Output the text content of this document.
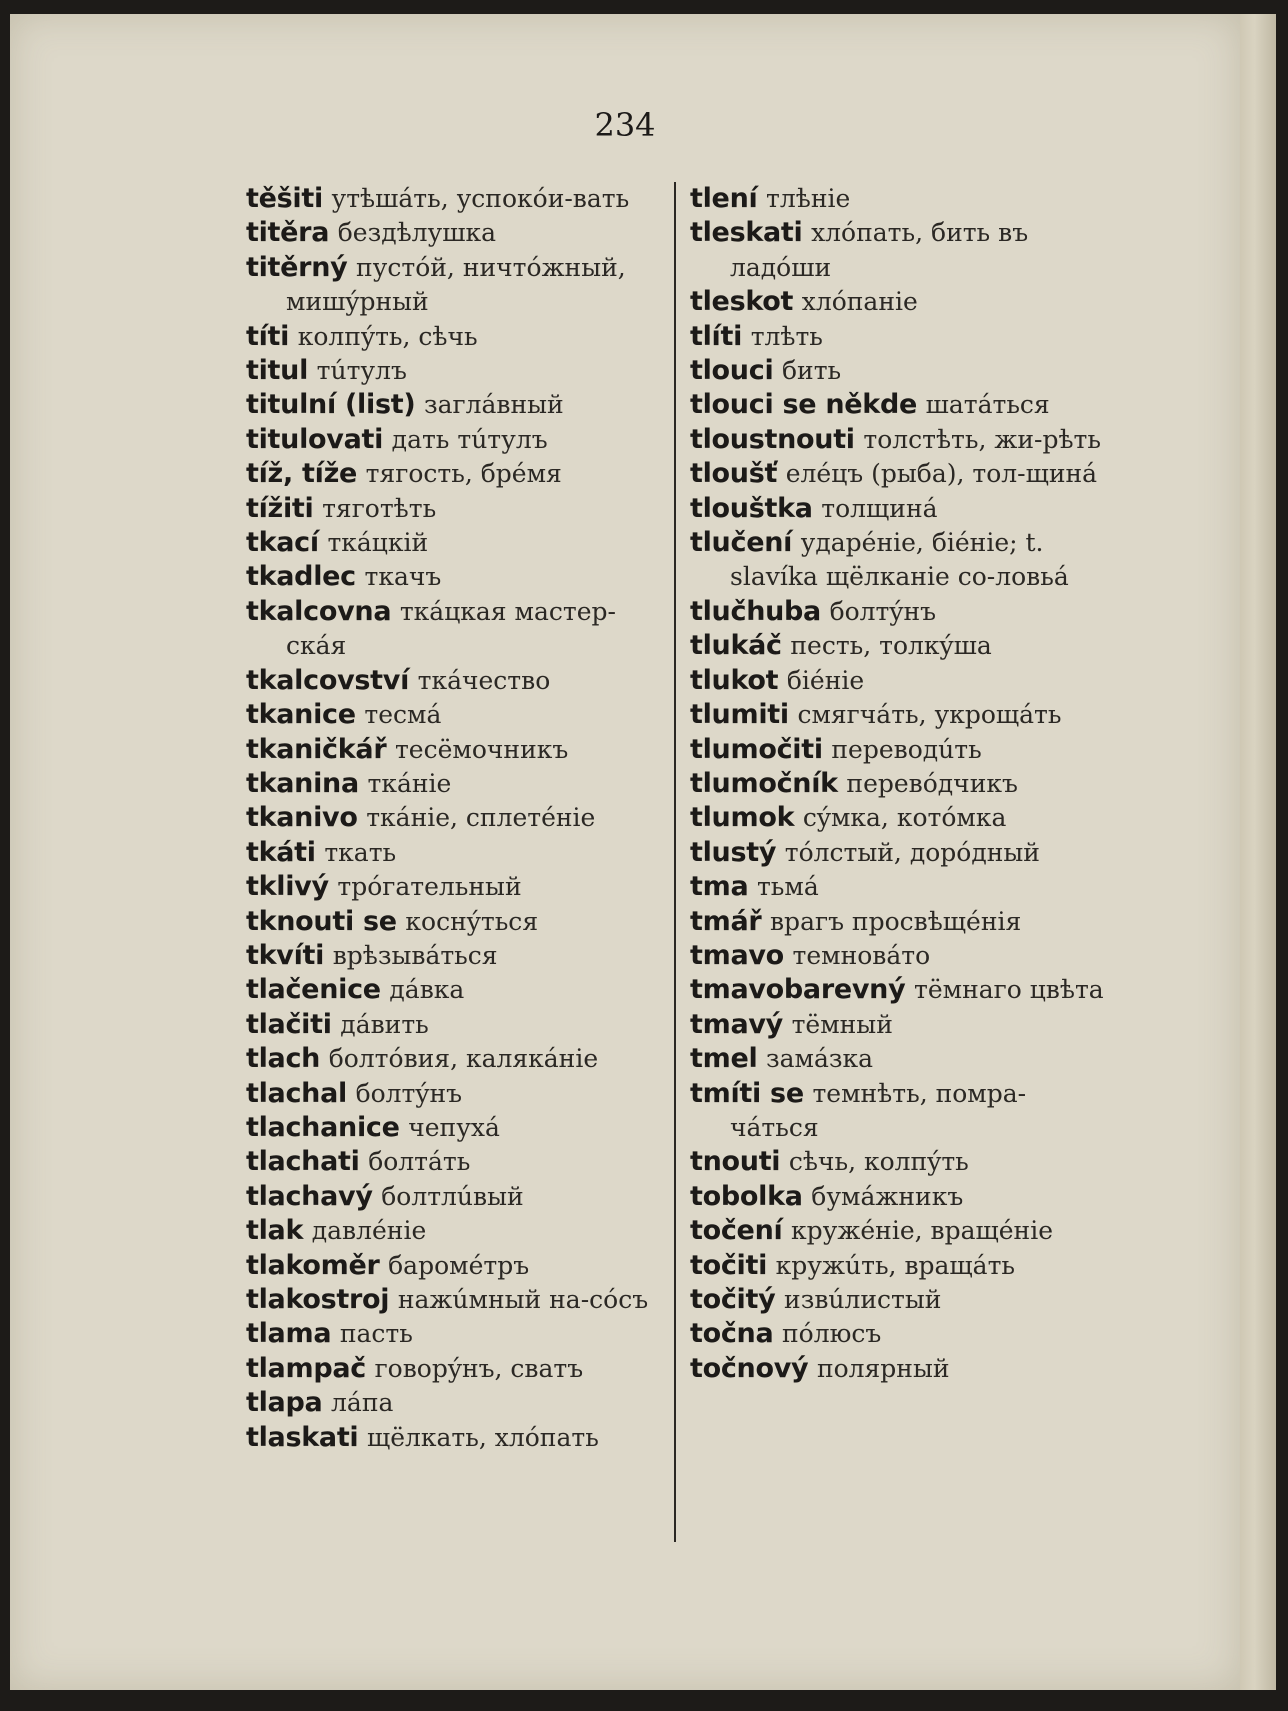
234
těšiti утѣшáть, успокóи-вать
titěra бездѣлушка
titěrný пустóй, ничтóжный, мишýрный
títi колпýть, сѣчь
titul тúтулъ
titulní (list) заглáвный
titulovati дать тúтулъ
tíž, tíže тягость, брéмя
tížiti тяготѣть
tkací ткáцкій
tkadlec ткачъ
tkalcovna ткáцкая мастер-скáя
tkalcovství ткáчество
tkanice тесмá
tkaničkář тесёмочникъ
tkanina ткáніе
tkanivo ткáніе, сплетéніе
tkáti ткать
tklivý трóгательный
tknouti se коснýться
tkvíti врѣзывáться
tlačenice дáвка
tlačiti дáвить
tlach болтóвия, калякáніе
tlachal болтýнъ
tlachanice чепухá
tlachati болтáть
tlachavý болтлúвый
tlak давлéніе
tlakoměr баромéтръ
tlakostroj нажúмный на-сóсъ
tlama пасть
tlampač говорýнъ, сватъ
tlapa лáпа
tlaskati щёлкать, хлóпать
tlení тлѣніе
tleskati хлóпать, бить въ ладóши
tleskot хлóпаніе
tlíti тлѣть
tlouci бить
tlouci se někde шатáться
tloustnouti толстѣть, жи-рѣть
tloušť елéцъ (рыба), тол-щинá
tlouštka толщинá
tlučení ударéніе, біéніе; t. slavíka щёлканіе со-ловьá
tlučhuba болтýнъ
tlukáč песть, толкýша
tlukot біéніе
tlumiti смягчáть, укрощáть
tlumočiti переводúть
tlumočník перевóдчикъ
tlumok сýмка, котóмка
tlustý тóлстый, дорóдный
tma тьмá
tmář врагъ просвѣщéнія
tmavo темновáто
tmavobarevný тёмнаго цвѣта
tmavý тёмный
tmel замáзка
tmíti se темнѣть, помра-чáться
tnouti сѣчь, колпýть
tobolka бумáжникъ
točení кружéніе, вращéніе
točiti кружúть, вращáть
točitý извúлистый
točna пóлюсъ
točnový полярный
